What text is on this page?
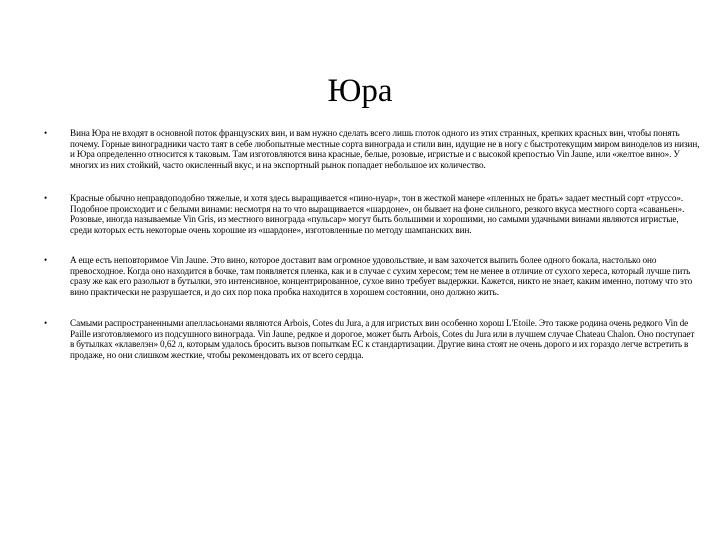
Юра
•	Вина Юра не входят в основной поток французских вин, и вам нужно сделать всего лишь глоток одного из этих странных, крепких красных вин, чтобы понять почему. Горные виноградники часто таят в себе любопытные местные сорта винограда и стили вин, идущие не в ногу с быстротекущим миром виноделов из низин, и Юра определенно относится к таковым. Там изготовляются вина красные, белые, розовые, игристые и с высокой крепостью Vin Jaune, или «желтое вино». У многих из них стойкий, часто окисленный вкус, и на экспортный рынок попадает небольшое их количество.
•	Красные обычно неправдоподобно тяжелые, и хотя здесь выращивается «пино-нуар», тон в жесткой манере «пленных не брать» задает местный сорт «труссо». Подобное происходит и с белыми винами: несмотря на то что выращивается «шардоне», он бывает на фоне сильного, резкого вкуса местного сорта «саваньен». Розовые, иногда называемые Vin Gris, из местного винограда «пульсар» могут быть большими и хорошими, но самыми удачными винами являются игристые, среди которых есть некоторые очень хорошие из «шардоне», изготовленные по методу шампанских вин.
•	А еще есть неповторимое Vin Jaune. Это вино, которое доставит вам огромное удовольствие, и вам захочется выпить более одного бокала, настолько оно превосходное. Когда оно находится в бочке, там появляется пленка, как и в случае с сухим хересом; тем не менее в отличие от сухого хереса, который лучше пить сразу же как его разольют в бутылки, это интенсивное, концентрированное, сухое вино требует выдержки. Кажется, никто не знает, каким именно, потому что это вино практически не разрушается, и до сих пор пока пробка находится в хорошем состоянии, оно должно жить.
•	Самыми распространенными апелласьонами являются Arbois, Cotes du Jura, а для игристых вин особенно хорош L'Etoile. Это также родина очень редкого Vin de Paille изготовляемого из подсушного винограда. Vin Jaune, редкое и дорогое, может быть Arbois, Cotes du Jura или в лучшем случае Chateau Chalon. Оно поступает в бутылках «клавелэн» 0,62 л, которым удалось бросить вызов попыткам ЕС к стандартизации. Другие вина стоят не очень дорого и их гораздо легче встретить в продаже, но они слишком жесткие, чтобы рекомендовать их от всего сердца.
